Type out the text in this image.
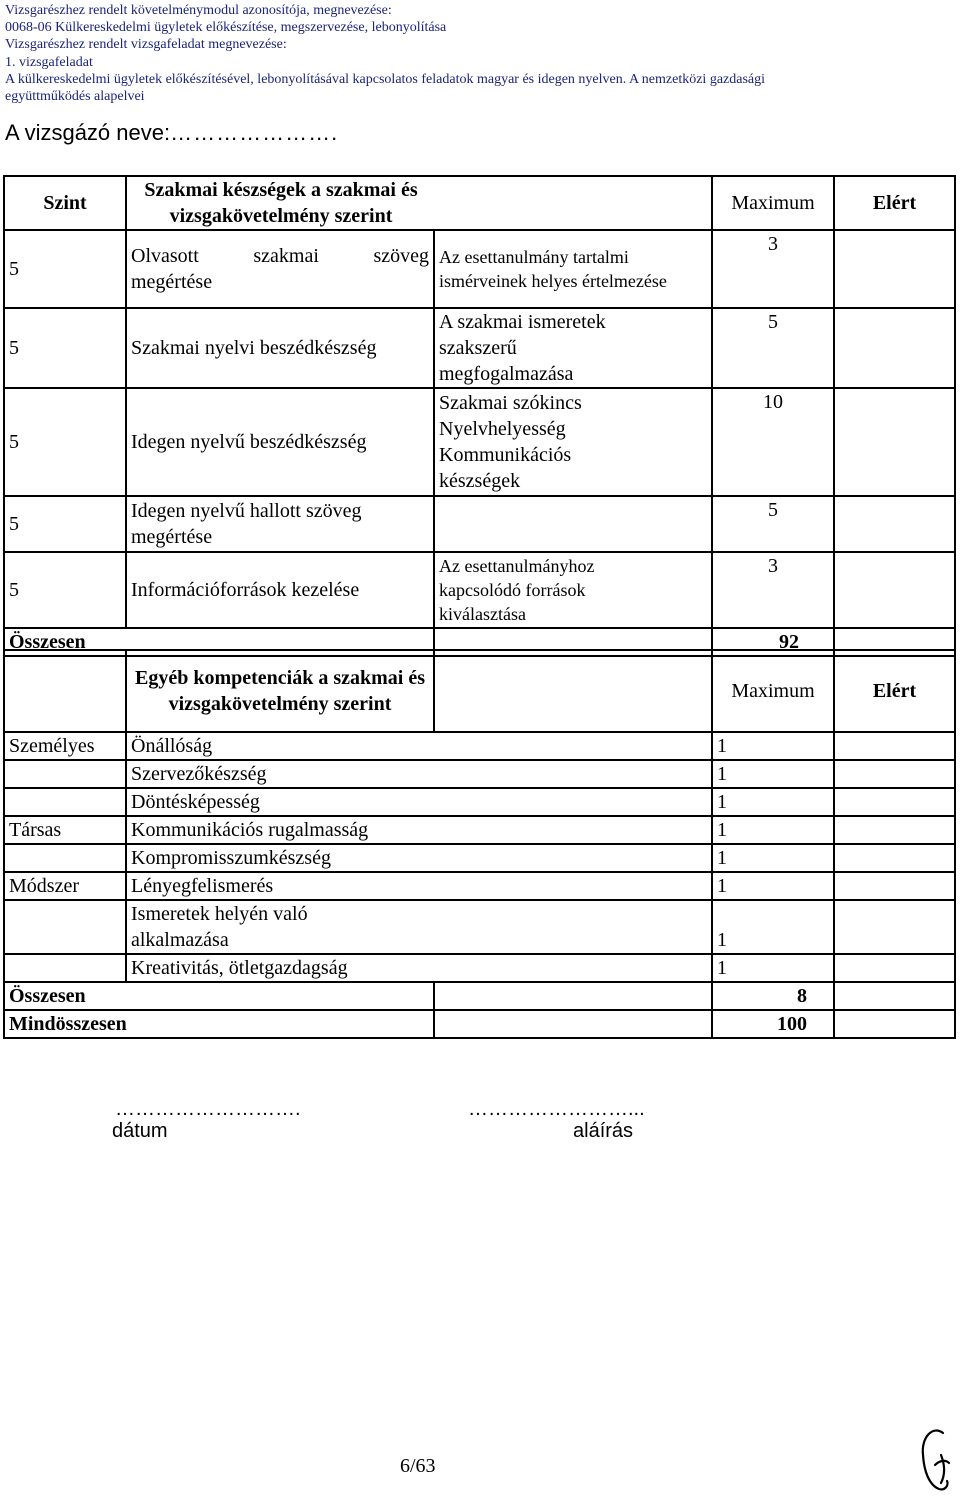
Vizsgarészhez rendelt követelménymodul azonosítója, megnevezése:
0068-06 Külkereskedelmi ügyletek előkészítése, megszervezése, lebonyolítása
Vizsgarészhez rendelt vizsgafeladat megnevezése:
1. vizsgafeladat
A külkereskedelmi ügyletek előkészítésével, lebonyolításával kapcsolatos feladatok magyar és idegen nyelven. A nemzetközi gazdasági
együttműködés alapelvei
A vizsgázó neve:………………….
Szint	Szakmai készségek a szakmai és vizsgakövetelmény szerint		Maximum	Elért
5	Olvasott szakmai szöveg
megértése	Az esettanulmány tartalmi ismérveinek helyes értelmezése	3	
5	Szakmai nyelvi beszédkészség	A szakmai ismeretek szakszerű megfogalmazása	5	
5	Idegen nyelvű beszédkészség	Szakmai szókincs
Nyelvhelyesség
Kommunikációs készségek	10	
5	Idegen nyelvű hallott szöveg megértése		5	
5	Információforrások kezelése	Az esettanulmányhoz kapcsolódó források kiválasztása	3	
Összesen			92	
	Egyéb kompetenciák a szakmai és vizsgakövetelmény szerint		Maximum	Elért
Személyes	Önállóság		1	
	Szervezőkészség		1	
	Döntésképesség		1	
Társas	Kommunikációs rugalmasság		1	
	Kompromisszumkészség		1	
Módszer	Lényegfelismerés		1	

	Ismeretek helyén való
alkalmazása		1	
	Kreativitás, ötletgazdagság		1	
Összesen			8	
Mindösszesen			100	
……………………….
dátum
……………………...
aláírás
6/63
